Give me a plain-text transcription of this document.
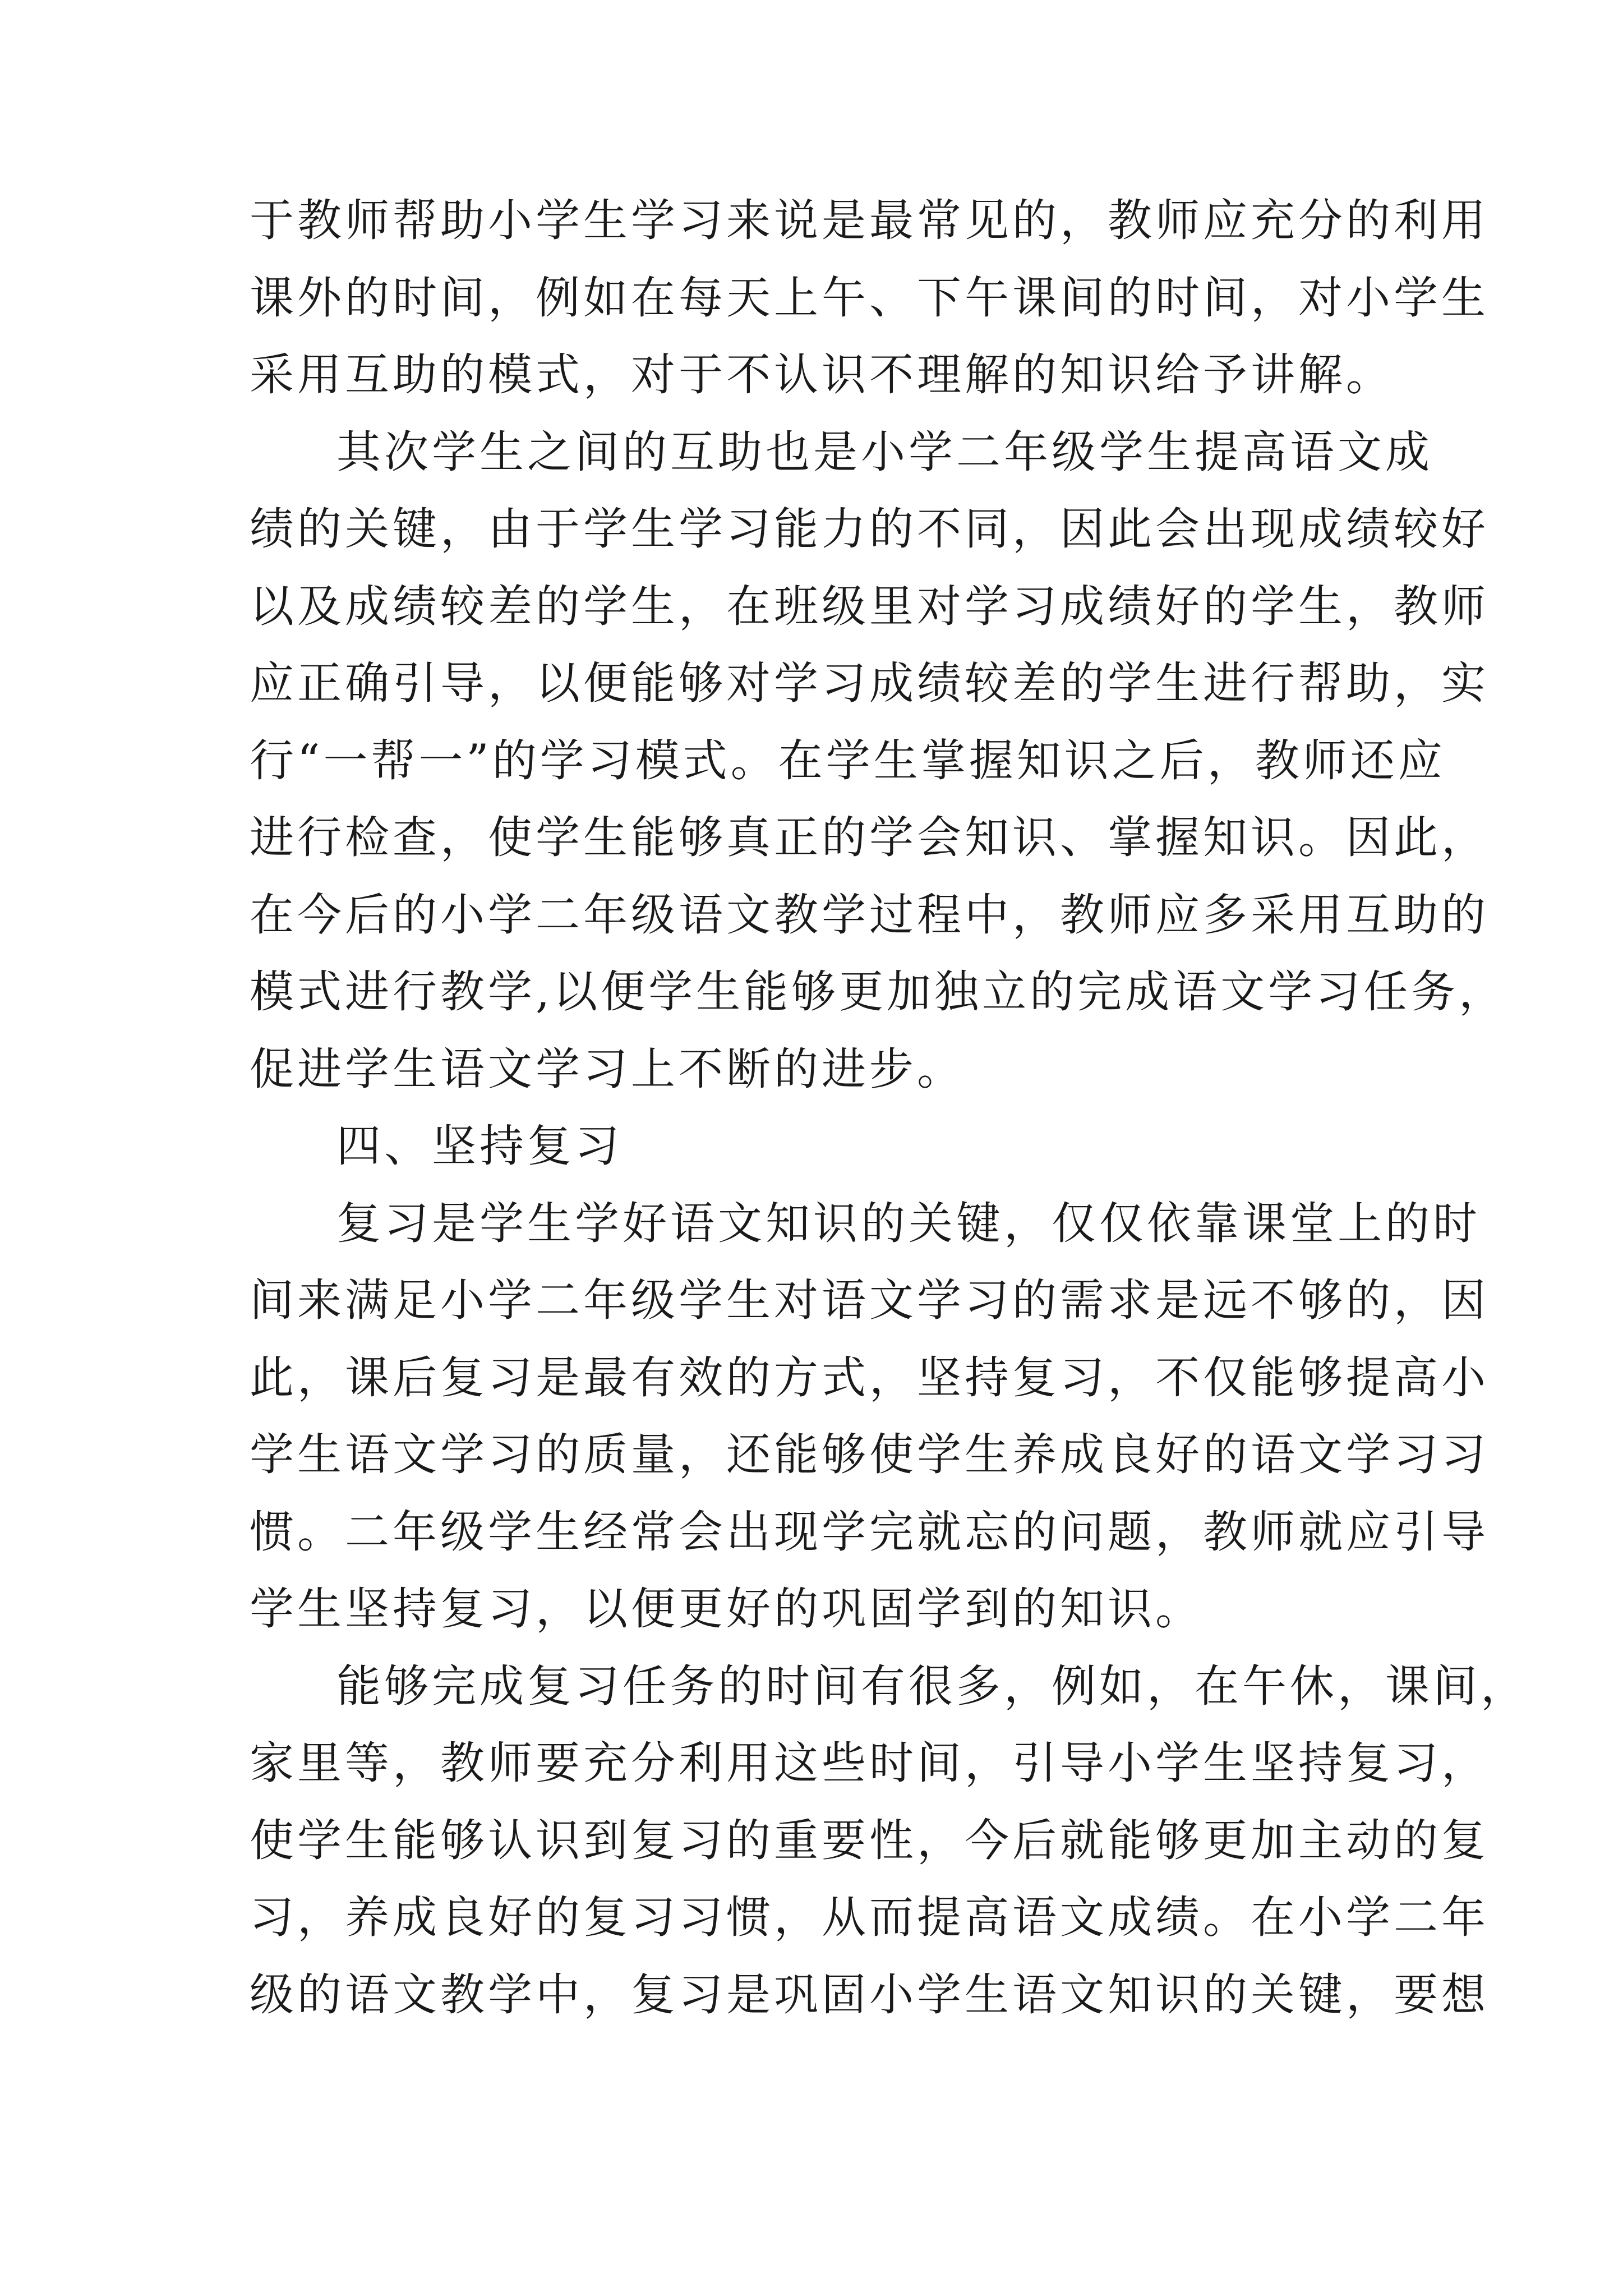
于教师帮助小学生学习来说是最常见的，教师应充分的利用
课外的时间，例如在每天上午、下午课间的时间，对小学生
采用互助的模式，对于不认识不理解的知识给予讲解。
其次学生之间的互助也是小学二年级学生提高语文成
绩的关键，由于学生学习能力的不同，因此会出现成绩较好
以及成绩较差的学生，在班级里对学习成绩好的学生，教师
应正确引导，以便能够对学习成绩较差的学生进行帮助，实
行“一帮一”的学习模式。在学生掌握知识之后，教师还应
进行检查，使学生能够真正的学会知识、掌握知识。因此，
在今后的小学二年级语文教学过程中，教师应多采用互助的
模式进行教学,以便学生能够更加独立的完成语文学习任务，
促进学生语文学习上不断的进步。
四、坚持复习
复习是学生学好语文知识的关键，仅仅依靠课堂上的时
间来满足小学二年级学生对语文学习的需求是远不够的，因
此，课后复习是最有效的方式，坚持复习，不仅能够提高小
学生语文学习的质量，还能够使学生养成良好的语文学习习
惯。二年级学生经常会出现学完就忘的问题，教师就应引导
学生坚持复习，以便更好的巩固学到的知识。
能够完成复习任务的时间有很多，例如，在午休，课间，
家里等，教师要充分利用这些时间，引导小学生坚持复习，
使学生能够认识到复习的重要性，今后就能够更加主动的复
习，养成良好的复习习惯，从而提高语文成绩。在小学二年
级的语文教学中，复习是巩固小学生语文知识的关键，要想
